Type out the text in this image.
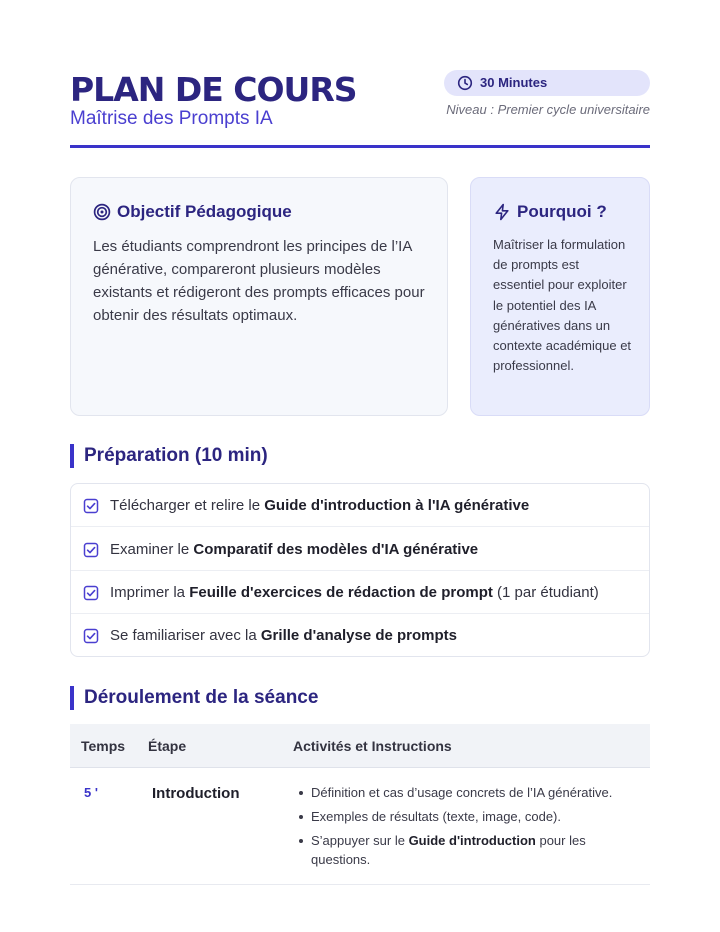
PLAN DE COURS
Maîtrise des Prompts IA
30 Minutes
Niveau : Premier cycle universitaire
Objectif Pédagogique
Les étudiants comprendront les principes de l’IA générative, compareront plusieurs modèles existants et rédigeront des prompts efficaces pour obtenir des résultats optimaux.
Pourquoi ?
Maîtriser la formulation de prompts est essentiel pour exploiter le potentiel des IA génératives dans un contexte académique et professionnel.
Préparation (10 min)
Télécharger et relire le Guide d'introduction à l'IA générative
Examiner le Comparatif des modèles d'IA générative
Imprimer la Feuille d'exercices de rédaction de prompt (1 par étudiant)
Se familiariser avec la Grille d'analyse de prompts
Déroulement de la séance
Temps Étape	Activités et Instructions
5 '	Introduction	Définition et cas d’usage concrets de l’IA générative.
Exemples de résultats (texte, image, code).
S’appuyer sur le Guide d'introduction pour les questions.
